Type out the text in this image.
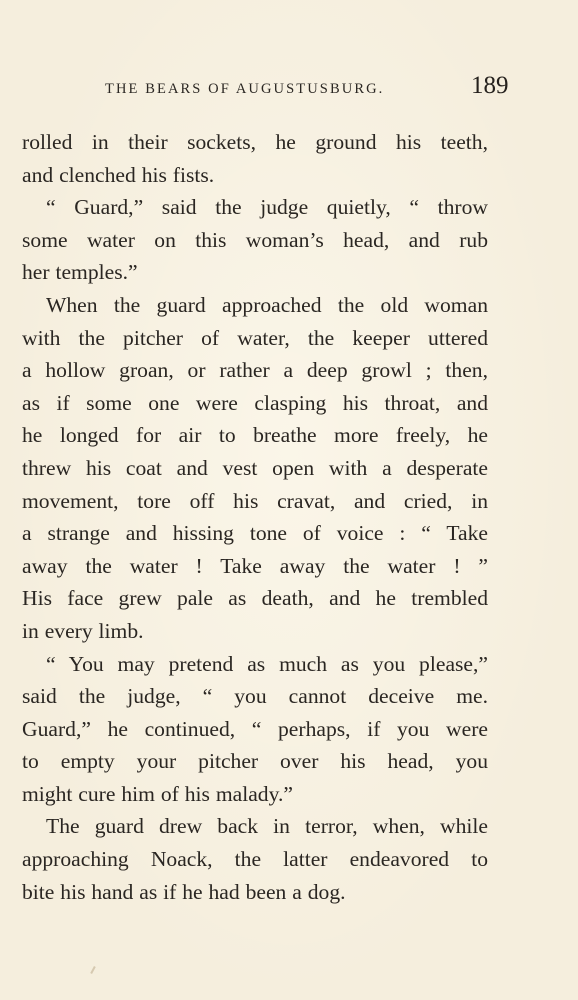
THE BEARS OF AUGUSTUSBURG.	189
rolled in their sockets, he ground his teeth,
and clenched his fists.
“ Guard,” said the judge quietly, “ throw
some water on this woman’s head, and rub
her temples.”
When the guard approached the old woman
with the pitcher of water, the keeper uttered
a hollow groan, or rather a deep growl ; then,
as if some one were clasping his throat, and
he longed for air to breathe more freely, he
threw his coat and vest open with a desperate
movement, tore off his cravat, and cried, in
a strange and hissing tone of voice : “ Take
away the water ! Take away the water ! ”
His face grew pale as death, and he trembled
in every limb.
“ You may pretend as much as you please,”
said the judge, “ you cannot deceive me.
Guard,” he continued, “ perhaps, if you were
to empty your pitcher over his head, you
might cure him of his malady.”
The guard drew back in terror, when, while
approaching Noack, the latter endeavored to
bite his hand as if he had been a dog.
